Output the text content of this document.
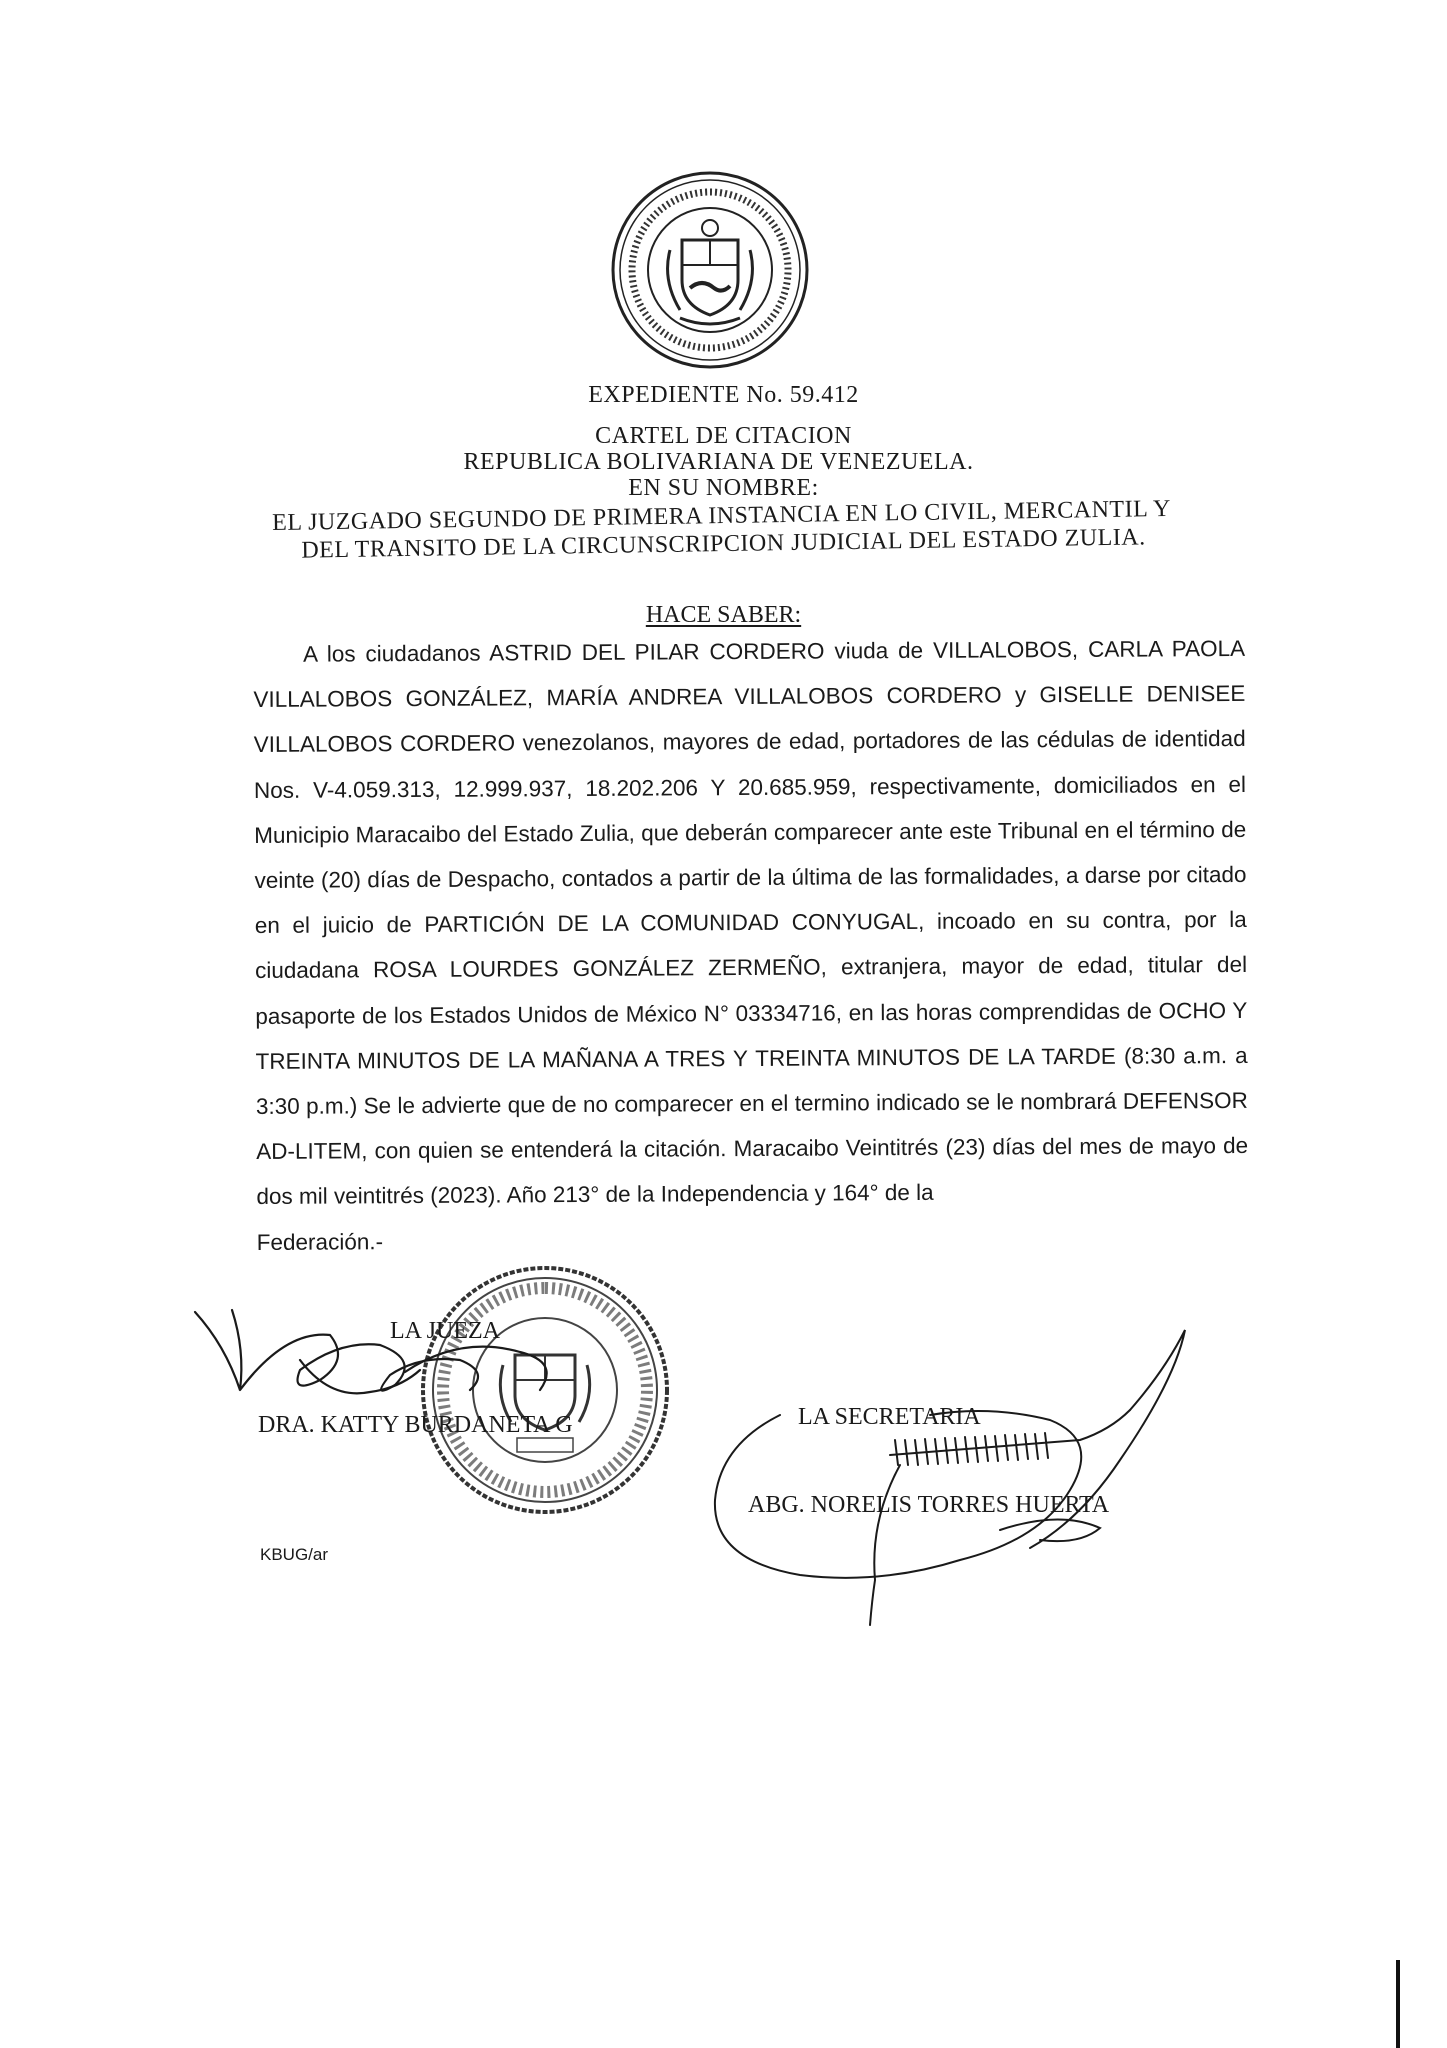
EXPEDIENTE No. 59.412
CARTEL DE CITACION
REPUBLICA BOLIVARIANA DE VENEZUELA.
EN SU NOMBRE:
EL JUZGADO SEGUNDO DE PRIMERA INSTANCIA EN LO CIVIL, MERCANTIL Y
DEL TRANSITO DE LA CIRCUNSCRIPCION JUDICIAL DEL ESTADO ZULIA.
HACE SABER:

A los ciudadanos ASTRID DEL PILAR CORDERO viuda de VILLALOBOS, CARLA PAOLA VILLALOBOS GONZÁLEZ, MARÍA ANDREA VILLALOBOS CORDERO y GISELLE DENISEE VILLALOBOS CORDERO venezolanos, mayores de edad, portadores de las cédulas de identidad Nos. V-4.059.313, 12.999.937, 18.202.206 Y 20.685.959, respectivamente, domiciliados en el Municipio Maracaibo del Estado Zulia, que deberán comparecer ante este Tribunal en el término de veinte (20) días de Despacho, contados a partir de la última de las formalidades, a darse por citado en el juicio de PARTICIÓN DE LA COMUNIDAD CONYUGAL, incoado en su contra, por la ciudadana ROSA LOURDES GONZÁLEZ ZERMEÑO, extranjera, mayor de edad, titular del pasaporte de los Estados Unidos de México N° 03334716, en las horas comprendidas de OCHO Y TREINTA MINUTOS DE LA MAÑANA A TRES Y TREINTA MINUTOS DE LA TARDE (8:30 a.m. a 3:30 p.m.) Se le advierte que de no comparecer en el termino indicado se le nombrará DEFENSOR AD-LITEM, con quien se entenderá la citación. Maracaibo Veintitrés (23) días del mes de mayo de dos mil veintitrés (2023). Año 213° de la Independencia y 164° de la

Federación.-

LA JUEZA
DRA. KATTY BURDANETA G	LA SECRETARIA
ABG. NORELIS TORRES HUERTA
KBUG/ar
